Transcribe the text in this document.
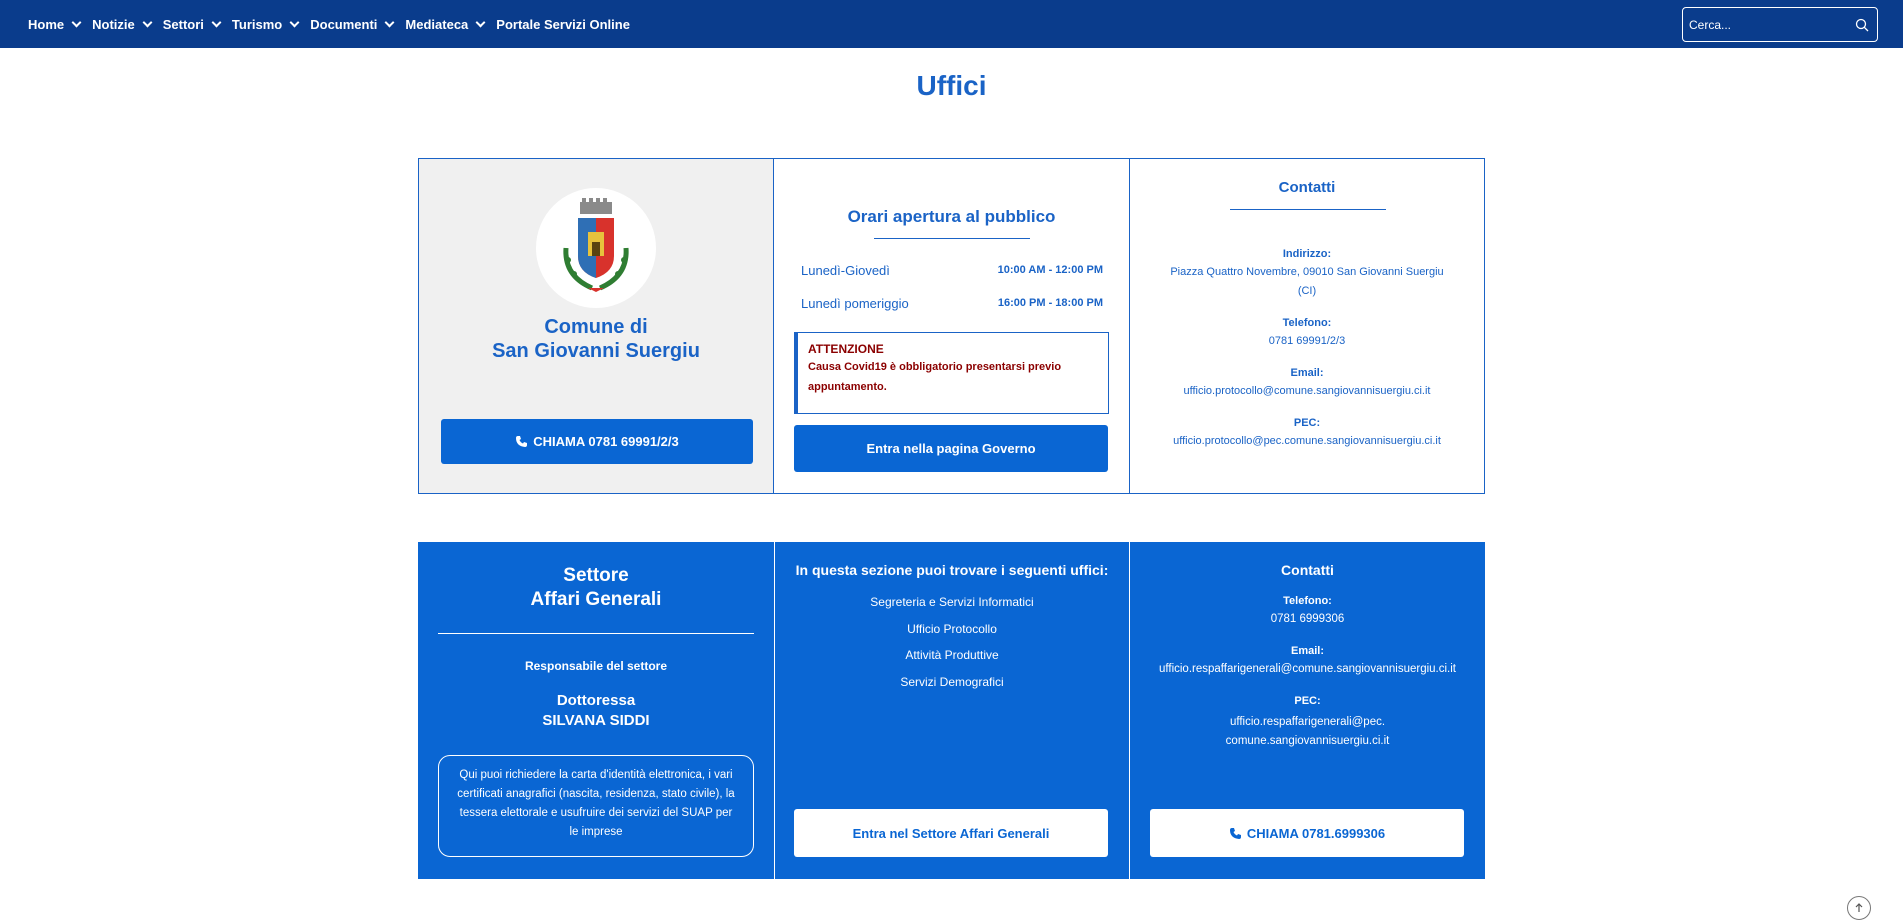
Home Notizie Settori Turismo Documenti Mediateca Portale Servizi Online
Cerca...
Uffici
Comune di
San Giovanni Suergiu
CHIAMA 0781 69991/2/3
Orari apertura al pubblico
Lunedì-Giovedì	10:00 AM - 12:00 PM
Lunedì pomeriggio	16:00 PM - 18:00 PM
ATTENZIONE
Causa Covid19 è obbligatorio presentarsi previo appuntamento.
Entra nella pagina Governo
Contatti
Indirizzo:
Piazza Quattro Novembre, 09010 San Giovanni Suergiu (CI)
Telefono:
0781 69991/2/3
Email:
ufficio.protocollo@comune.sangiovannisuergiu.ci.it
PEC:
ufficio.protocollo@pec.comune.sangiovannisuergiu.ci.it
Settore
Affari Generali
Responsabile del settore
Dottoressa
SILVANA SIDDI
Qui puoi richiedere la carta d'identità elettronica, i vari certificati anagrafici (nascita, residenza, stato civile), la tessera elettorale e usufruire dei servizi del SUAP per le imprese
In questa sezione puoi trovare i seguenti uffici:
Segreteria e Servizi Informatici
Ufficio Protocollo
Attività Produttive
Servizi Demografici
Entra nel Settore Affari Generali
Contatti
Telefono:
0781 6999306
Email:
ufficio.respaffarigenerali@comune.sangiovannisuergiu.ci.it
PEC:
ufficio.respaffarigenerali@pec.
comune.sangiovannisuergiu.ci.it
CHIAMA 0781.6999306
